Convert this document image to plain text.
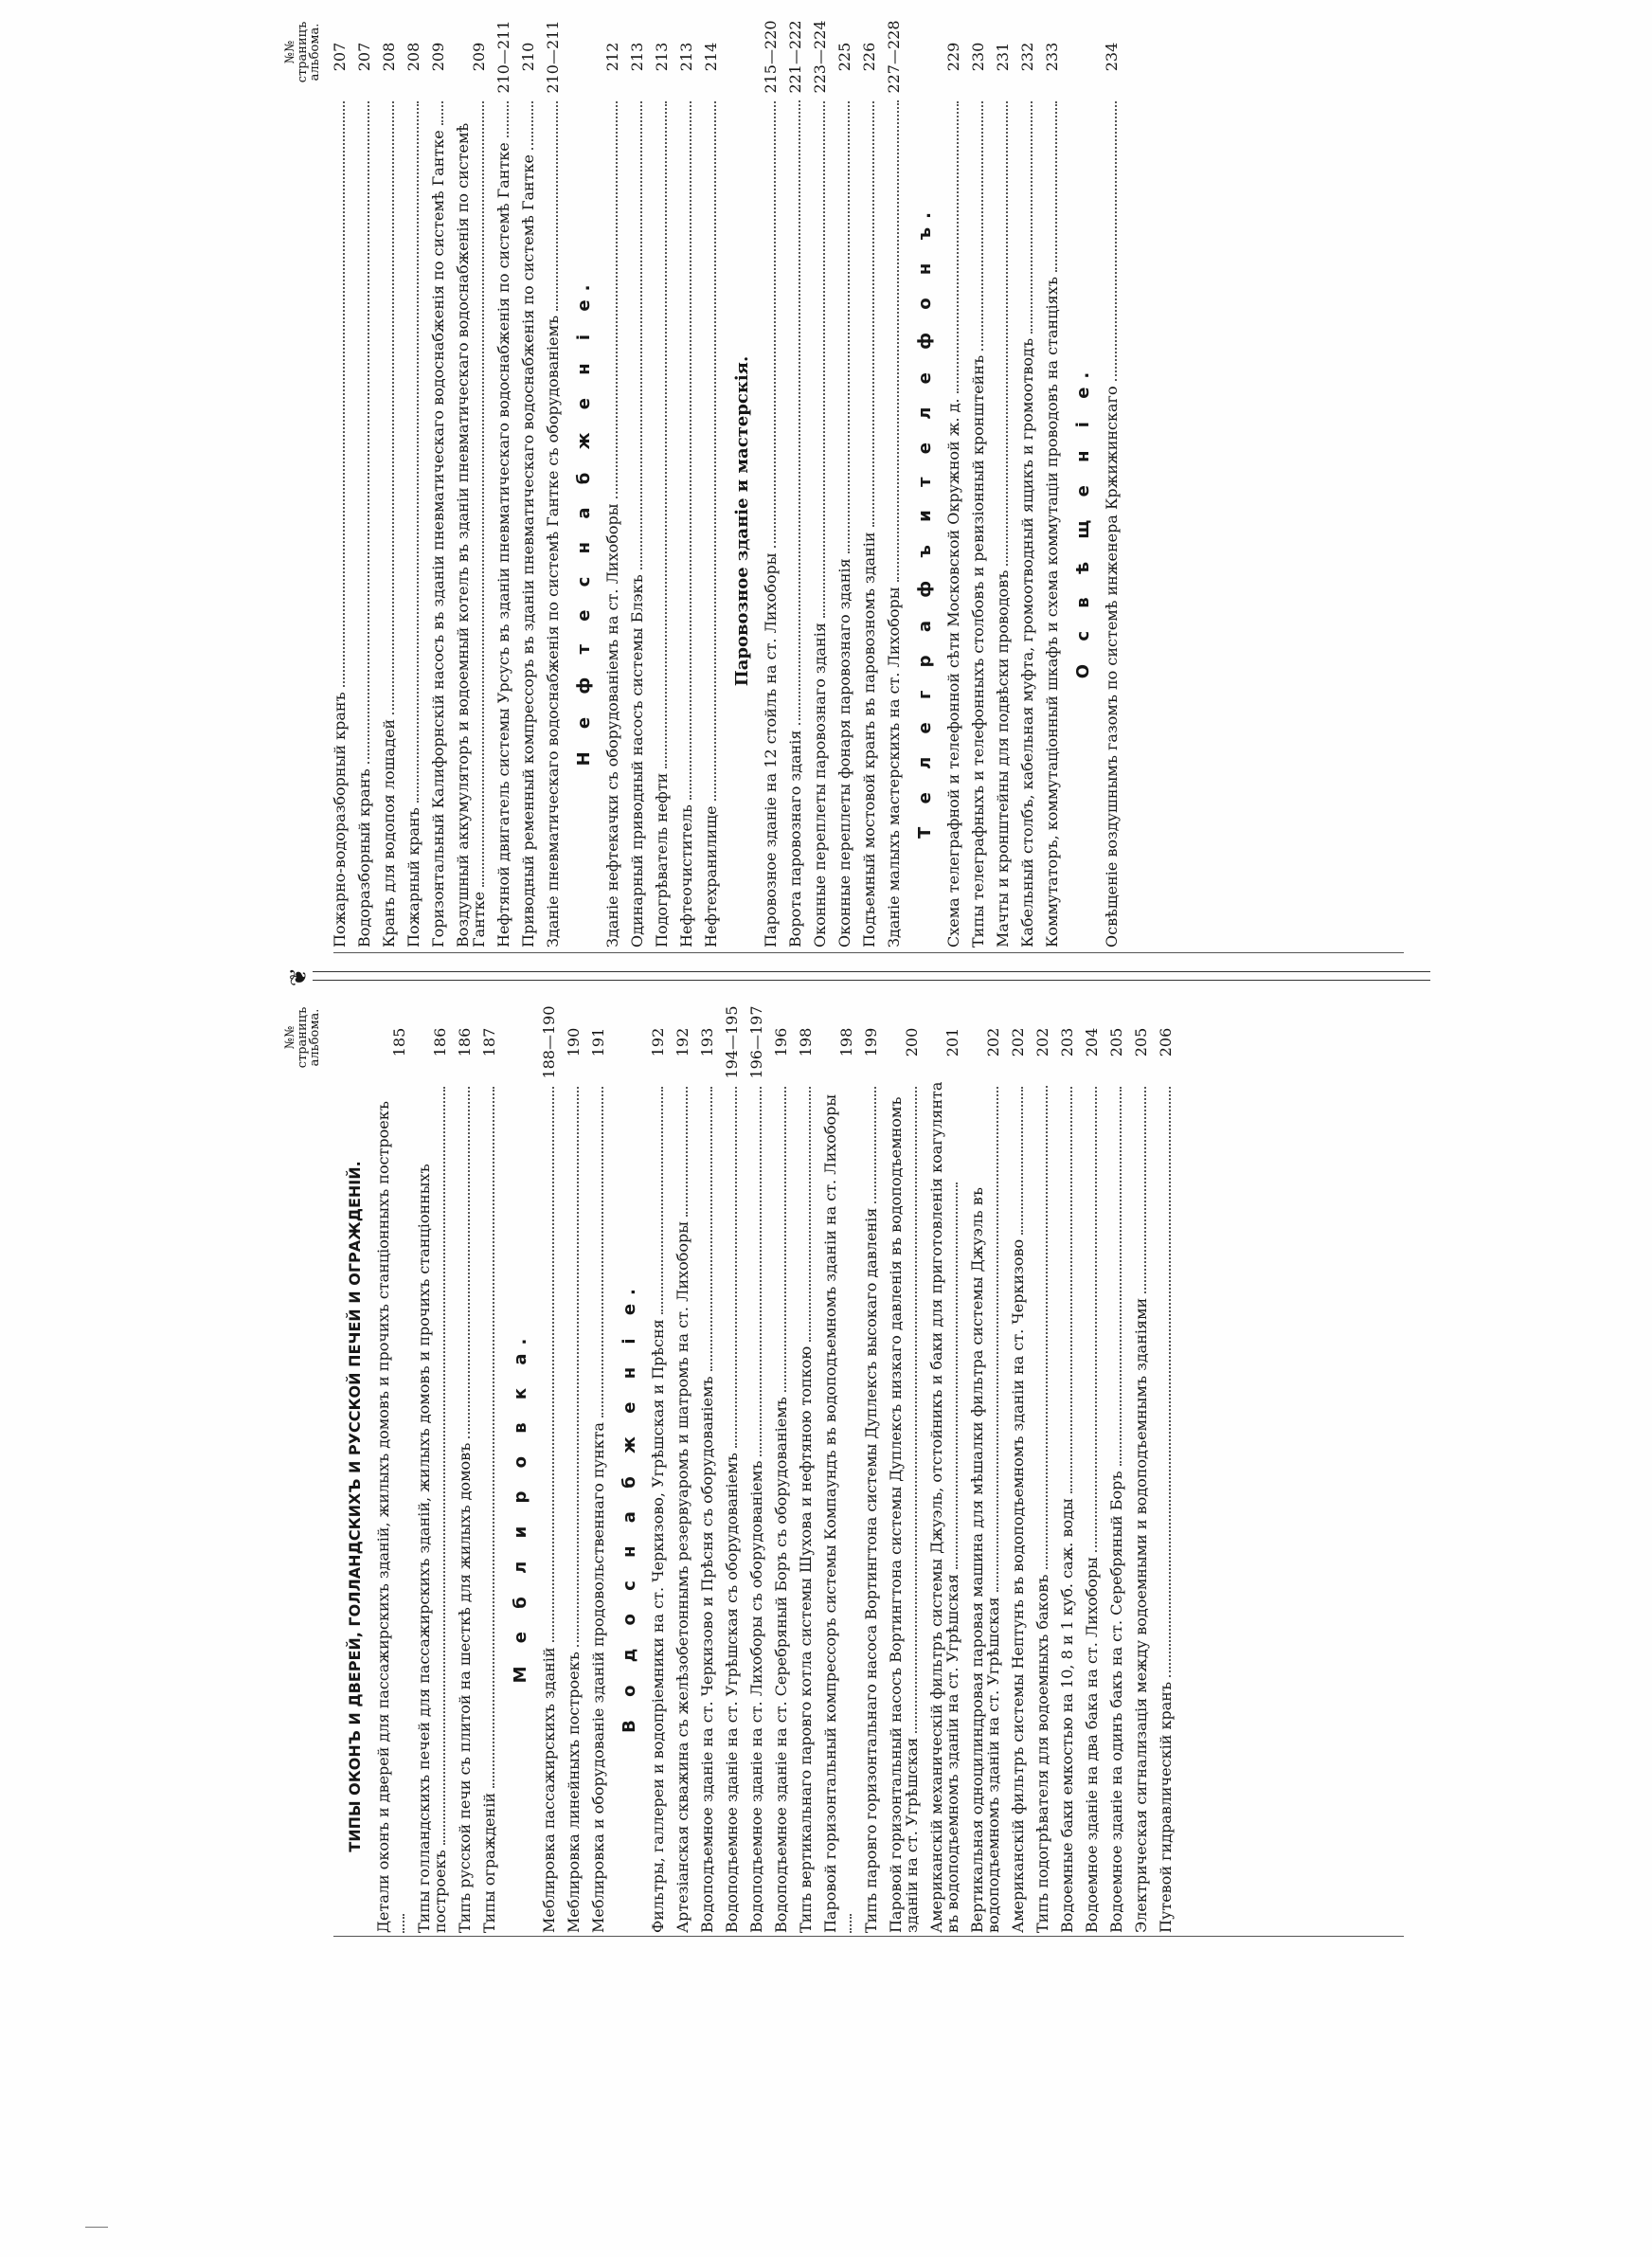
❦
№№
страницъ
альбома.
ТИПЫ ОКОНЪ И ДВЕРЕЙ, ГОЛЛАНДСКИХЪ И РУССКОЙ ПЕЧЕЙ И ОГРАЖДЕНІЙ. Детали оконъ и дверей для пассажирскихъ зданій, жилыхъ домовъ и прочихъ станціонныхъ построекъ
185
Типы голландскихъ печей для пассажирскихъ зданій, жилыхъ домовъ и прочихъ станціонныхъ построекъ
186
Типъ русской печи съ плитой на шесткѣ для жилыхъ домовъ
186
Типы огражденій
187
М е б л и р о в к а.
Меблировка пассажирскихъ зданій
188—190
Меблировка линейныхъ построекъ
190
Меблировка и оборудованіе зданій продовольственнаго пункта
191
В о д о с н а б ж е н і е. Фильтры, галлереи и водопріемники на ст. Черкизово, Угрѣшская и Прѣсня
192
Артезіанская скважина съ желѣзобетоннымъ резервуаромъ и шатромъ на ст. Лихоборы
192
Водоподъемное зданіе на ст. Черкизово и Прѣсня съ оборудованіемъ
193
Водоподъемное зданіе на ст. Угрѣшская съ оборудованіемъ
194—195
Водоподъемное зданіе на ст. Лихоборы съ оборудованіемъ
196—197
Водоподъемное зданіе на ст. Серебряный Боръ съ оборудованіемъ
196
Типъ вертикальнаго паровго котла системы Шухова и нефтяною топкою
198
Паровой горизонтальный компрессоръ системы Компаундъ въ водоподъемномъ зданіи на ст. Лихоборы
198
Типъ паровго горизонтальнаго насоса Вортингтона системы Дуплексъ высокаго давленія
199
Паровой горизонтальный насосъ Вортингтона системы Дуплексъ низкаго давленія въ водоподъемномъ зданіи на ст. Угрѣшская
200
Американскій механическій фильтръ системы Джуэль, отстойникъ и баки для приготовленія коагулянта въ водоподъемномъ зданіи на ст. Угрѣшская
201
Вертикальная одноцилиндровая паровая машина для мѣшалки фильтра системы Джуэль въ водоподъемномъ зданіи на ст. Угрѣшская
202
Американскій фильтръ системы Нептунъ въ водоподъемномъ зданіи на ст. Черкизово
202
Типъ подогрѣвателя для водоемныхъ баковъ
202
Водоемные баки емкостью на 10, 8 и 1 куб. саж. воды
203
Водоемное зданіе на два бака на ст. Лихоборы
204
Водоемное зданіе на одинъ бакъ на ст. Серебряный Боръ
205
Электрическая сигнализація между водоемными и водоподъемнымъ зданіями
205
Путевой гидравлическій кранъ
206
№№
страницъ
альбома.
Пожарно-водоразборный кранъ
207
Водоразборный кранъ
207
Кранъ для водопоя лошадей
208
Пожарный кранъ
208
Горизонтальный Калифорнскій насосъ въ зданіи пневматическаго водоснабженія по системѣ Гантке
209
Воздушный аккумуляторъ и водоемный котелъ въ зданіи пневматическаго водоснабженія по системѣ Гантке
209
Нефтяной двигатель системы Урсусъ въ зданіи пневматическаго водоснабженія по системѣ Гантке
210—211
Приводный ременный компрессоръ въ зданіи пневматическаго водоснабженія по системѣ Гантке
210
Зданіе пневматическаго водоснабженія по системѣ Гантке съ оборудованіемъ
210—211
Н е ф т е с н а б ж е н і е. Зданіе нефтекачки съ оборудованіемъ на ст. Лихоборы
212
Одинарный приводный насосъ системы Блэкъ
213
Подогрѣватель нефти
213
Нефтеочиститель
213
Нефтехранилище
214
Паровозное зданіе и мастерскія.
Паровозное зданіе на 12 стойлъ на ст. Лихоборы
215—220
Ворота паровознаго зданія
221—222
Оконные переплеты паровознаго зданія
223—224
Оконные переплеты фонаря паровознаго зданія
225
Подъемный мостовой кранъ въ паровозномъ зданіи
226
Зданіе малыхъ мастерскихъ на ст. Лихоборы
227—228
Т е л е г р а ф ъ и т е л е ф о н ъ. Схема телеграфной и телефонной сѣти Московской Окружной ж. д.
229
Типы телеграфныхъ и телефонныхъ столбовъ и ревизіонный кронштейнъ
230
Мачты и кронштейны для подвѣски проводовъ
231
Кабельный столбъ, кабельная муфта, громоотводный ящикъ и громоотводъ
232
Коммутаторъ, коммутаціонный шкафъ и схема коммутаціи проводовъ на станціяхъ
233
О с в ѣ щ е н і е. Освѣщеніе воздушнымъ газомъ по системѣ инженера Кржижинскаго
234
